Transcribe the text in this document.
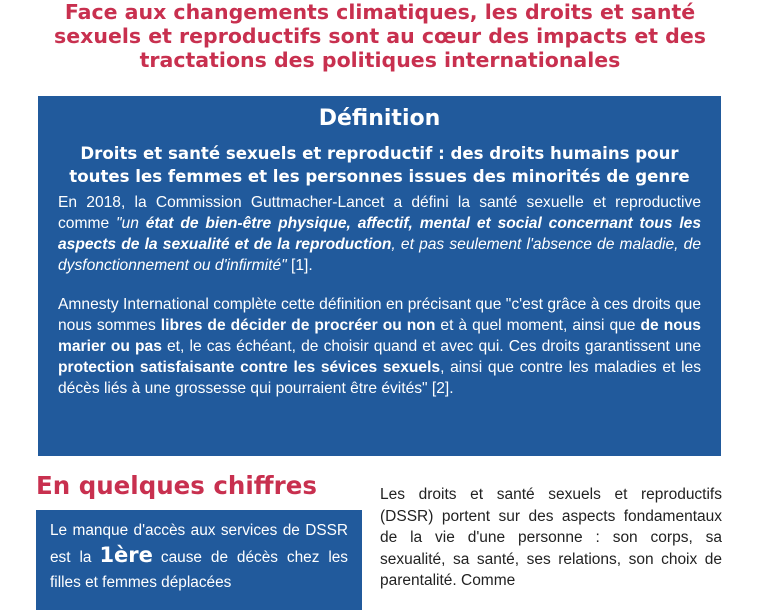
Face aux changements climatiques, les droits et santé
sexuels et reproductifs sont au cœur des impacts et des
tractations des politiques internationales
Définition

Droits et santé sexuels et reproductif : des droits humains pour toutes les femmes et les personnes issues des minorités de genre

En 2018, la Commission Guttmacher-Lancet a défini la santé sexuelle et reproductive comme "un état de bien-être physique, affectif, mental et social concernant tous les aspects de la sexualité et de la reproduction, et pas seulement l'absence de maladie, de dysfonctionnement ou d'infirmité" [1].

Amnesty International complète cette définition en précisant que "c'est grâce à ces droits que nous sommes libres de décider de procréer ou non et à quel moment, ainsi que de nous marier ou pas et, le cas échéant, de choisir quand et avec qui. Ces droits garantissent une protection satisfaisante contre les sévices sexuels, ainsi que contre les maladies et les décès liés à une grossesse qui pourraient être évités" [2].

En quelques chiffres

Le manque d'accès aux services de DSSR est la 1ère cause de décès chez les filles et femmes déplacées

Les droits et santé sexuels et reproductifs (DSSR) portent sur des aspects fondamentaux de la vie d'une personne : son corps, sa sexualité, sa santé, ses relations, son choix de parentalité. Comme
